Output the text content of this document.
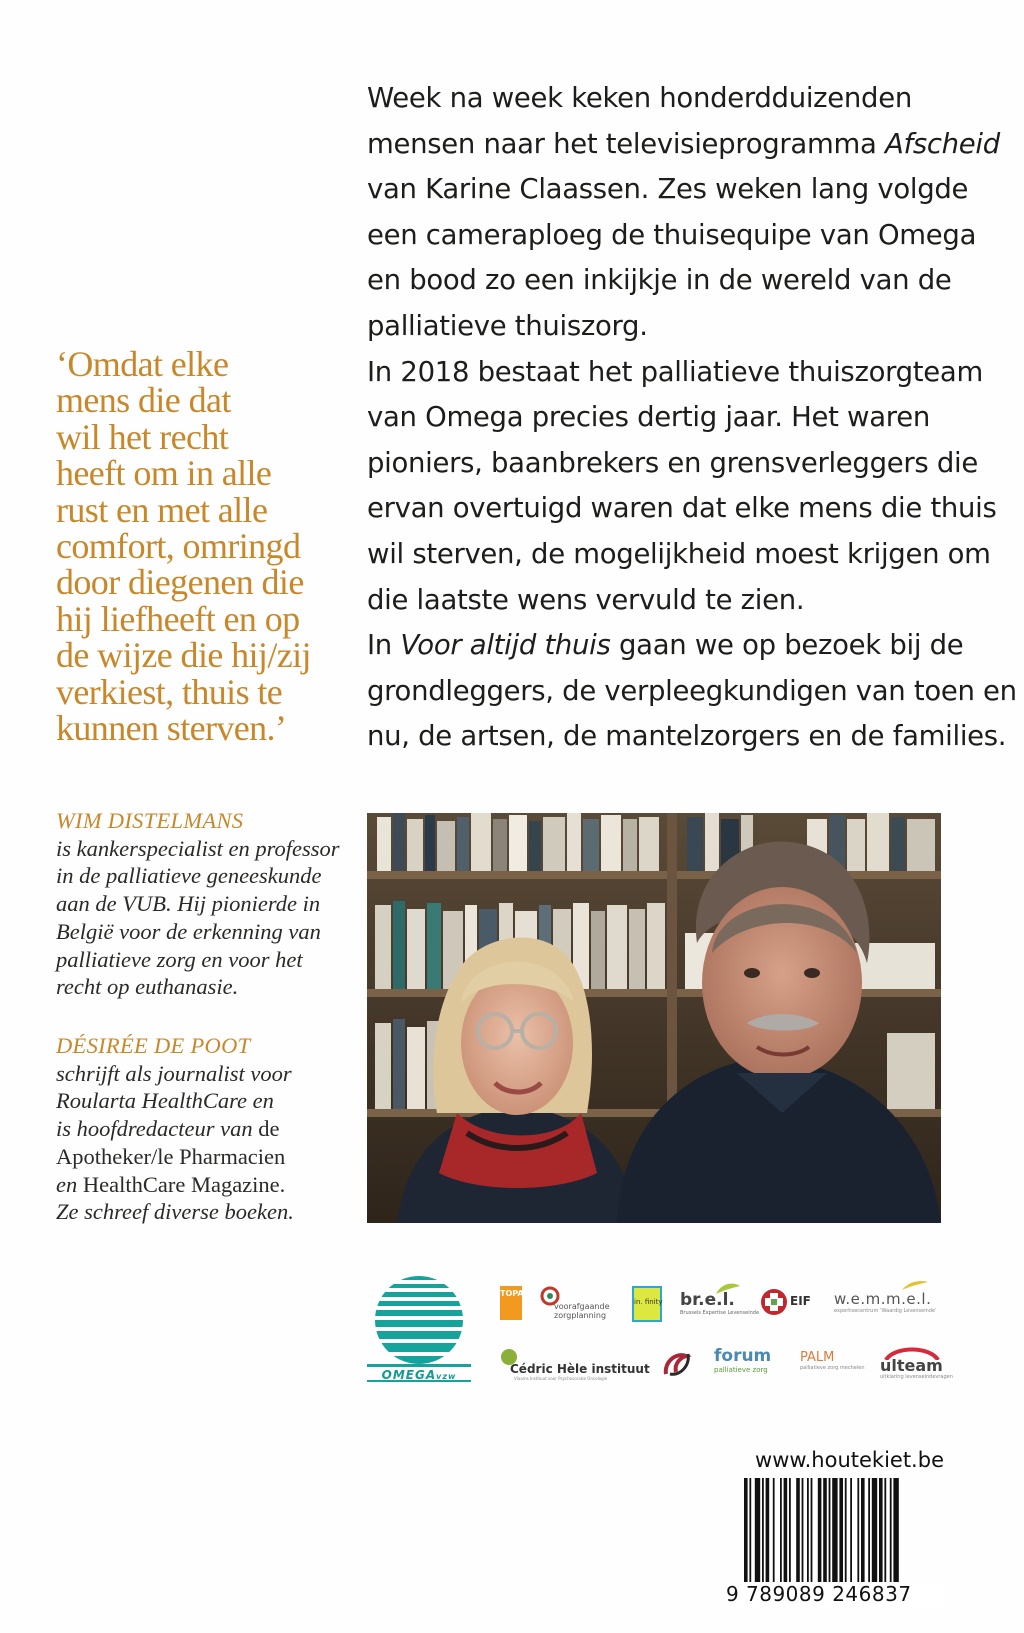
Week na week keken honderdduizenden
mensen naar het televisieprogramma Afscheid
van Karine Claassen. Zes weken lang volgde
een cameraploeg de thuisequipe van Omega
en bood zo een inkijkje in de wereld van de
palliatieve thuiszorg.
In 2018 bestaat het palliatieve thuiszorgteam
van Omega precies dertig jaar. Het waren
pioniers, baanbrekers en grensverleggers die
ervan overtuigd waren dat elke mens die thuis
wil sterven, de mogelijkheid moest krijgen om
die laatste wens vervuld te zien.
In Voor altijd thuis gaan we op bezoek bij de
grondleggers, de verpleegkundigen van toen en
nu, de artsen, de mantelzorgers en de families.
‘Omdat elke
mens die dat
wil het recht
heeft om in alle
rust en met alle
comfort, omringd
door diegenen die
hij liefheeft en op
de wijze die hij/zij
verkiest, thuis te
kunnen sterven.’
WIM DISTELMANS
is kankerspecialist en professor
in de palliatieve geneeskunde
aan de VUB. Hij pionierde in
België voor de erkenning van
palliatieve zorg en voor het
recht op euthanasie.
DÉSIRÉE DE POOT
schrijft als journalist voor
Roularta HealthCare en
is hoofdredacteur van de
Apotheker/le Pharmacien
en HealthCare Magazine.
Ze schreef diverse boeken.
OMEGAvzw
TOPAZ
voorafgaande
zorgplanning
in. finity br.e.l.
Brussels Expertise Levenseinde
EIF w.e.m.m.e.l.
expertisecentrum ‘Waardig Levenseinde’
Cédric Hèle instituut
Vlaams Instituut voor Psychosociale Oncologie
forum
palliatieve zorg
PALM
palliatieve zorg mechelen ulteam
uitklaring levenseindevragen
www.houtekiet.be
9 789089 246837
